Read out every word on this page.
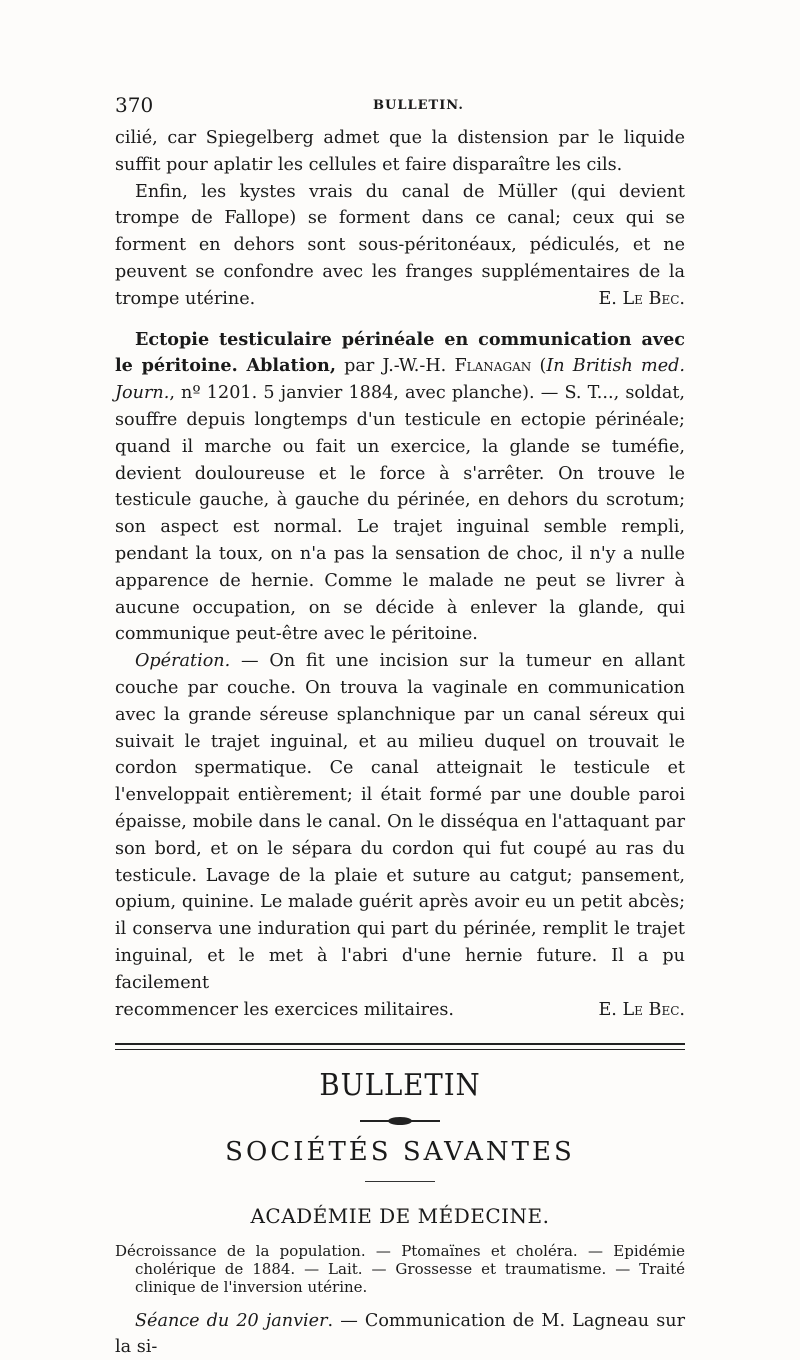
370	BULLETIN.

cilié, car Spiegelberg admet que la distension par le liquide suffit pour aplatir les cellules et faire disparaître les cils.

Enfin, les kystes vrais du canal de Müller (qui devient trompe de Fallope) se forment dans ce canal; ceux qui se forment en dehors sont sous-péritonéaux, pédiculés, et ne peuvent se confondre avec les franges supplémentaires de la trompe utérine.	E. Le Bec.

Ectopie testiculaire périnéale en communication avec le péritoine. Ablation, par J.-W.-H. Flanagan (In British med. Journ., nº 1201. 5 janvier 1884, avec planche). — S. T..., soldat, souffre depuis longtemps d'un testicule en ectopie périnéale; quand il marche ou fait un exercice, la glande se tuméfie, devient douloureuse et le force à s'arrêter. On trouve le testicule gauche, à gauche du périnée, en dehors du scrotum; son aspect est normal. Le trajet inguinal semble rempli, pendant la toux, on n'a pas la sensation de choc, il n'y a nulle apparence de hernie. Comme le malade ne peut se livrer à aucune occupation, on se décide à enlever la glande, qui communique peut-être avec le péritoine.

Opération. — On fit une incision sur la tumeur en allant couche par couche. On trouva la vaginale en communication avec la grande séreuse splanchnique par un canal séreux qui suivait le trajet inguinal, et au milieu duquel on trouvait le cordon spermatique. Ce canal atteignait le testicule et l'enveloppait entièrement; il était formé par une double paroi épaisse, mobile dans le canal. On le disséqua en l'attaquant par son bord, et on le sépara du cordon qui fut coupé au ras du testicule. Lavage de la plaie et suture au catgut; pansement, opium, quinine. Le malade guérit après avoir eu un petit abcès; il conserva une induration qui part du périnée, remplit le trajet inguinal, et le met à l'abri d'une hernie future. Il a pu facilement

recommencer les exercices militaires.	E. Le Bec.
BULLETIN
SOCIÉTÉS SAVANTES
ACADÉMIE DE MÉDECINE.

Décroissance de la population. — Ptomaïnes et choléra. — Epidémie cholérique de 1884. — Lait. — Grossesse et traumatisme. — Traité clinique de l'inversion utérine.

Séance du 20 janvier. — Communication de M. Lagneau sur la si-
